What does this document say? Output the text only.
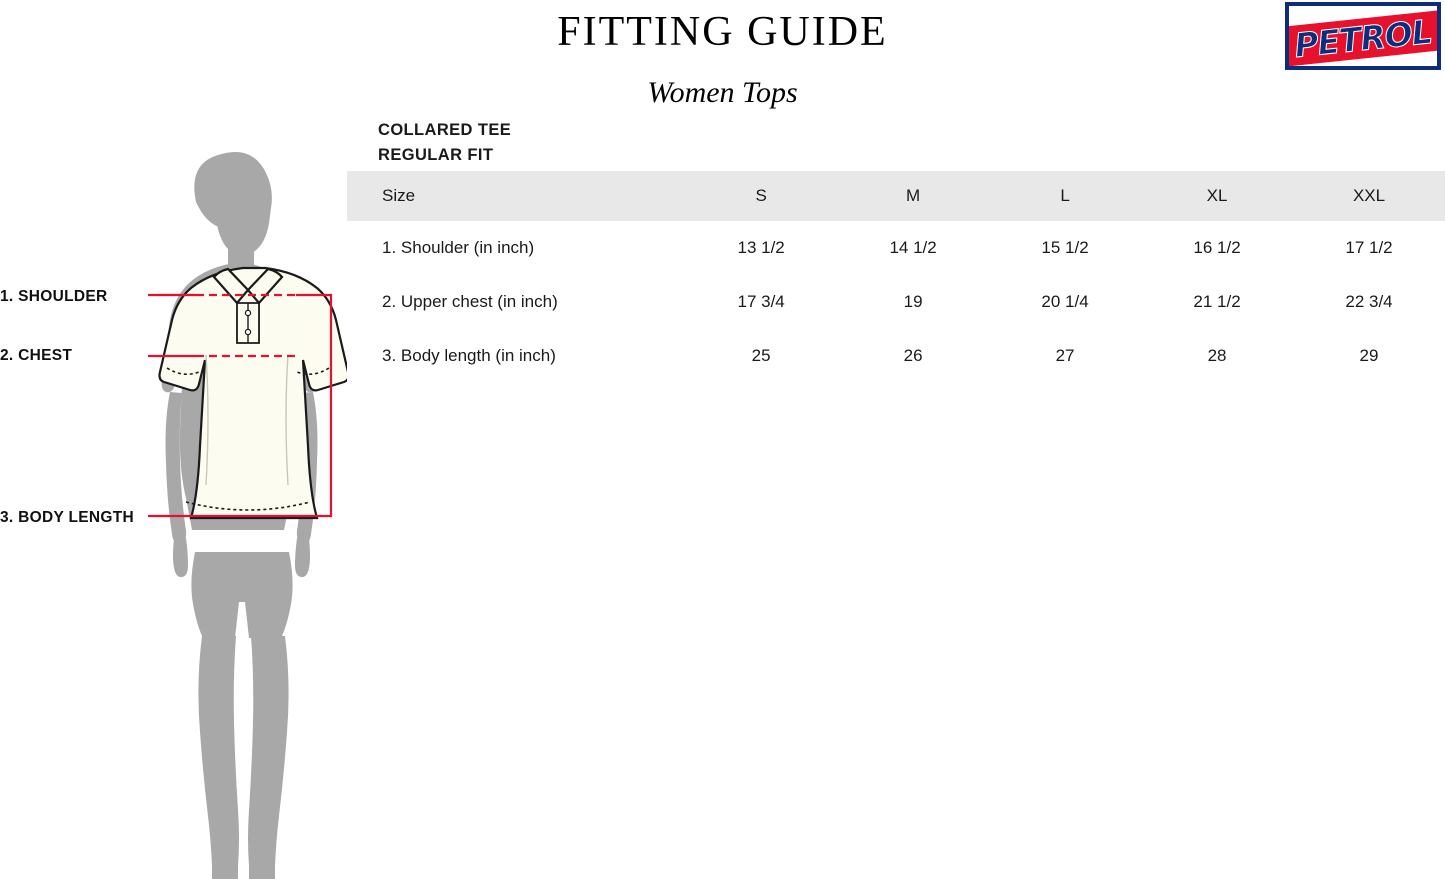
FITTING GUIDE
Women Tops
PETROL
COLLARED TEE
REGULAR FIT
Size	S	M	L	XL	XXL
1. Shoulder (in inch)	13 1/2	14 1/2	15 1/2	16 1/2	17 1/2
2. Upper chest (in inch)	17 3/4	19	20 1/4	21 1/2	22 3/4
3. Body length (in inch)	25	26	27	28	29
1. SHOULDER
2. CHEST
3. BODY LENGTH
